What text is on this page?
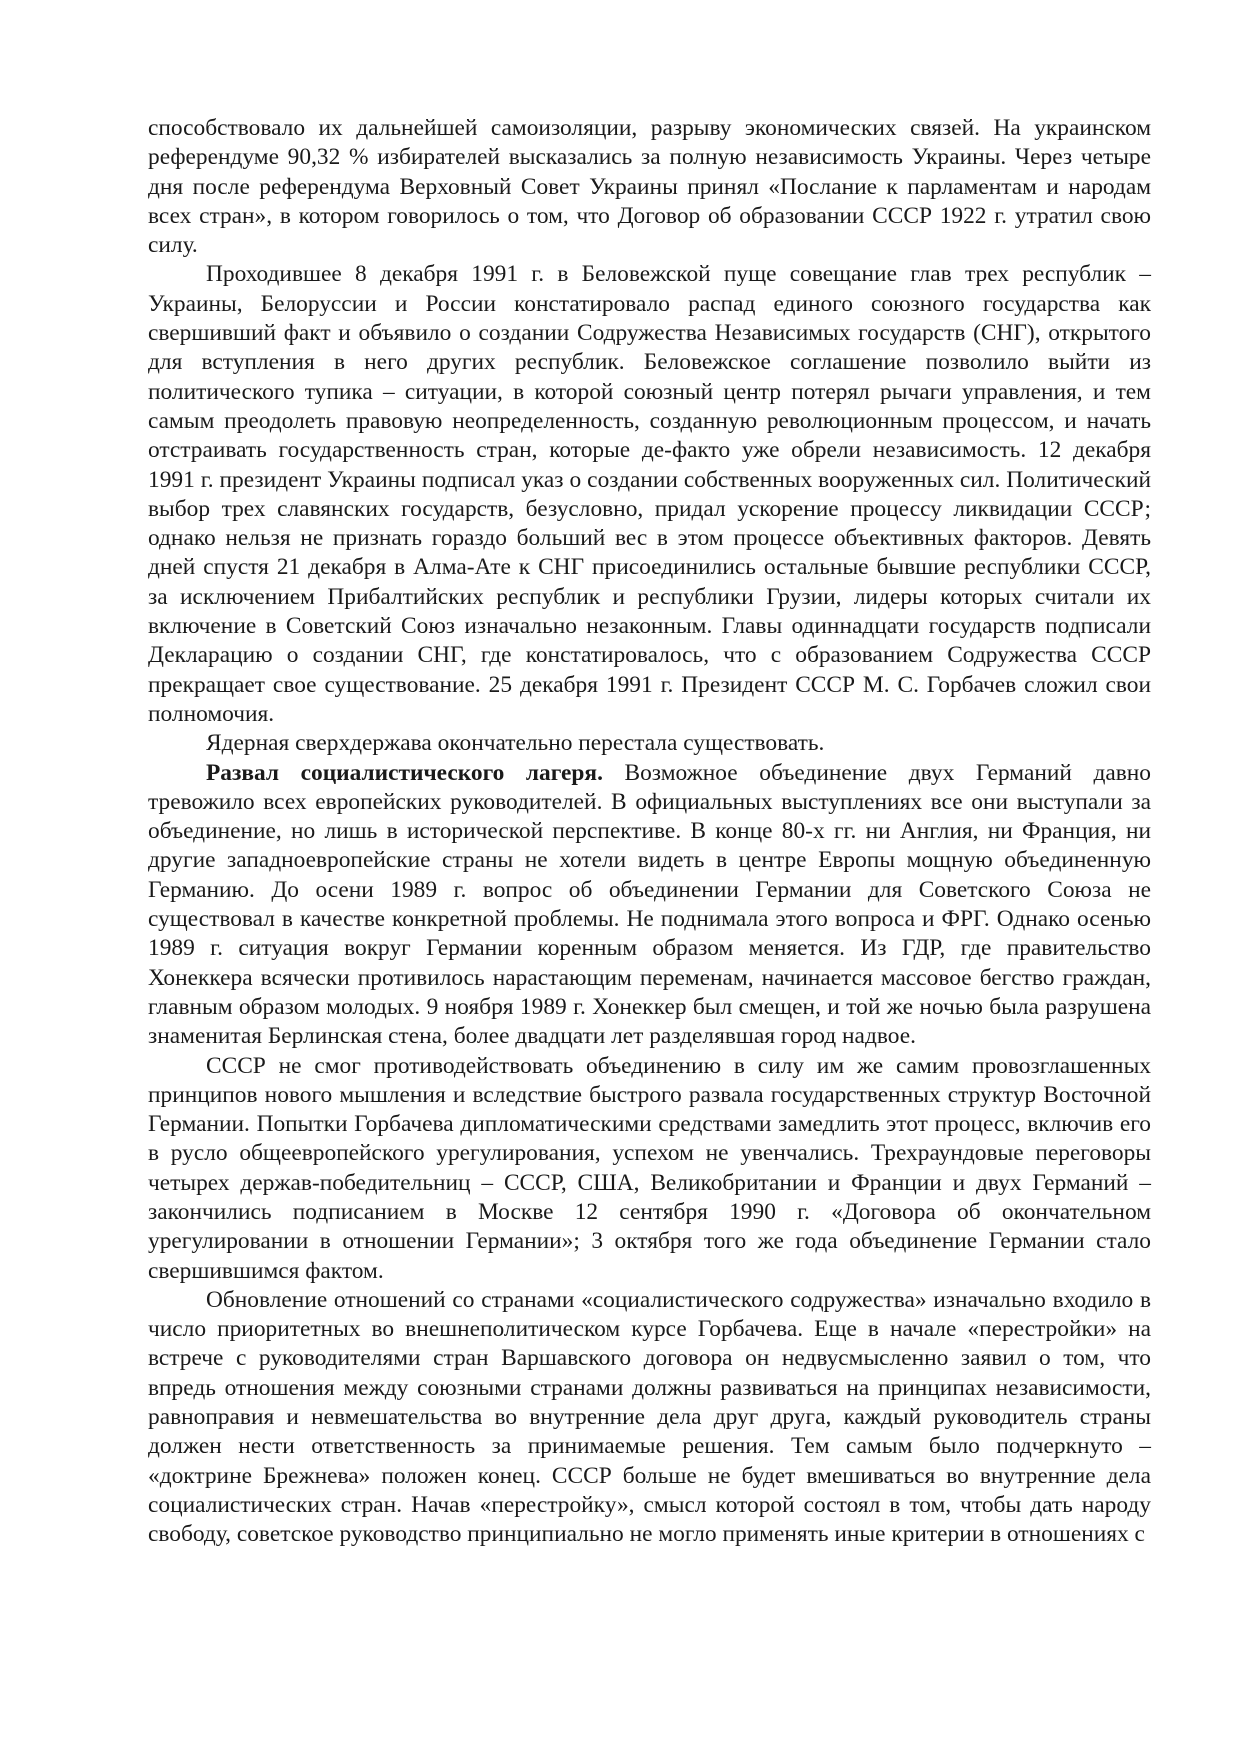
способствовало их дальнейшей самоизоляции, разрыву экономических связей. На украинском референдуме 90,32 % избирателей высказались за полную независимость Украины. Через четыре дня после референдума Верховный Совет Украины принял «Послание к парламентам и народам всех стран», в котором говорилось о том, что Договор об образовании СССР 1922 г. утратил свою силу.

Проходившее 8 декабря 1991 г. в Беловежской пуще совещание глав трех республик – Украины, Белоруссии и России констатировало распад единого союзного государства как свершивший факт и объявило о создании Содружества Независимых государств (СНГ), открытого для вступления в него других республик. Беловежское соглашение позволило выйти из политического тупика – ситуации, в которой союзный центр потерял рычаги управления, и тем самым преодолеть правовую неопределенность, созданную революционным процессом, и начать отстраивать государственность стран, которые де-факто уже обрели независимость. 12 декабря 1991 г. президент Украины подписал указ о создании собственных вооруженных сил. Политический выбор трех славянских государств, безусловно, придал ускорение процессу ликвидации СССР; однако нельзя не признать гораздо больший вес в этом процессе объективных факторов. Девять дней спустя 21 декабря в Алма-Ате к СНГ присоединились остальные бывшие республики СССР, за исключением Прибалтийских республик и республики Грузии, лидеры которых считали их включение в Советский Союз изначально незаконным. Главы одиннадцати государств подписали Декларацию о создании СНГ, где констатировалось, что с образованием Содружества СССР прекращает свое существование. 25 декабря 1991 г. Президент СССР М. С. Горбачев сложил свои полномочия.

Ядерная сверхдержава окончательно перестала существовать.

Развал социалистического лагеря. Возможное объединение двух Германий давно тревожило всех европейских руководителей. В официальных выступлениях все они выступали за объединение, но лишь в исторической перспективе. В конце 80-х гг. ни Англия, ни Франция, ни другие западноевропейские страны не хотели видеть в центре Европы мощную объединенную Германию. До осени 1989 г. вопрос об объединении Германии для Советского Союза не существовал в качестве конкретной проблемы. Не поднимала этого вопроса и ФРГ. Однако осенью 1989 г. ситуация вокруг Германии коренным образом меняется. Из ГДР, где правительство Хонеккера всячески противилось нарастающим переменам, начинается массовое бегство граждан, главным образом молодых. 9 ноября 1989 г. Хонеккер был смещен, и той же ночью была разрушена знаменитая Берлинская стена, более двадцати лет разделявшая город надвое.

СССР не смог противодействовать объединению в силу им же самим провозглашенных принципов нового мышления и вследствие быстрого развала государственных структур Восточной Германии. Попытки Горбачева дипломатическими средствами замедлить этот процесс, включив его в русло общеевропейского урегулирования, успехом не увенчались. Трехраундовые переговоры четырех держав-победительниц – СССР, США, Великобритании и Франции и двух Германий – закончились подписанием в Москве 12 сентября 1990 г. «Договора об окончательном урегулировании в отношении Германии»; 3 октября того же года объединение Германии стало свершившимся фактом.

Обновление отношений со странами «социалистического содружества» изначально входило в число приоритетных во внешнеполитическом курсе Горбачева. Еще в начале «перестройки» на встрече с руководителями стран Варшавского договора он недвусмысленно заявил о том, что впредь отношения между союзными странами должны развиваться на принципах независимости, равноправия и невмешательства во внутренние дела друг друга, каждый руководитель страны должен нести ответственность за принимаемые решения. Тем самым было подчеркнуто – «доктрине Брежнева» положен конец. СССР больше не будет вмешиваться во внутренние дела социалистических стран. Начав «перестройку», смысл которой состоял в том, чтобы дать народу свободу, советское руководство принципиально не могло применять иные критерии в отношениях с
